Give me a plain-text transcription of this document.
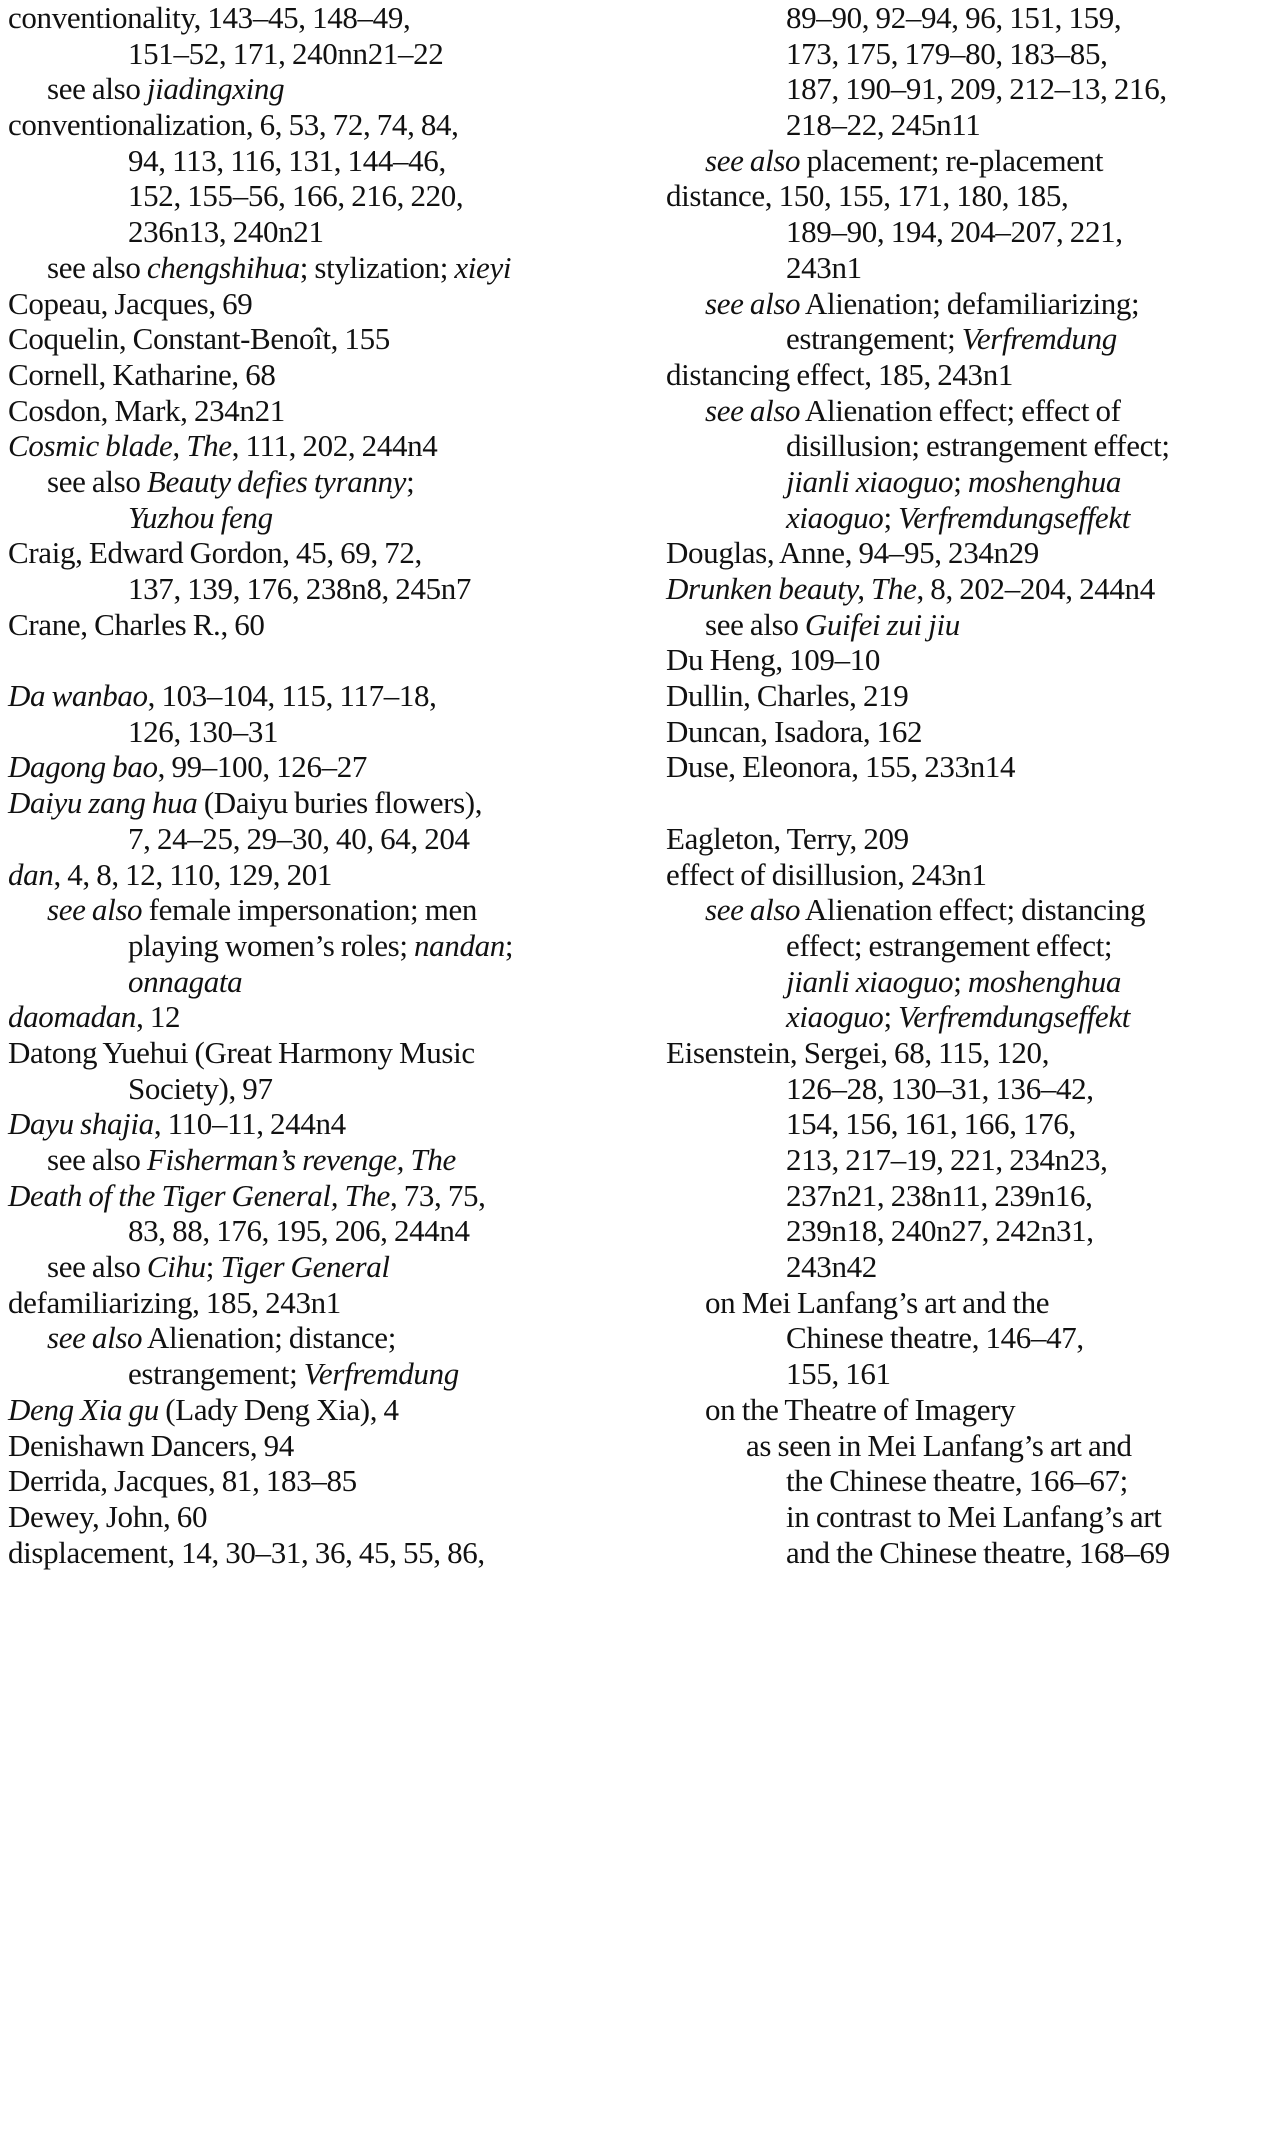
conventionality, 143–45, 148–49,
151–52, 171, 240nn21–22
see also jiadingxing
conventionalization, 6, 53, 72, 74, 84,
94, 113, 116, 131, 144–46,
152, 155–56, 166, 216, 220,
236n13, 240n21
see also chengshihua; stylization; xieyi
Copeau, Jacques, 69
Coquelin, Constant-Benoît, 155
Cornell, Katharine, 68
Cosdon, Mark, 234n21
Cosmic blade, The, 111, 202, 244n4
see also Beauty defies tyranny;
Yuzhou feng
Craig, Edward Gordon, 45, 69, 72,
137, 139, 176, 238n8, 245n7
Crane, Charles R., 60
Da wanbao, 103–104, 115, 117–18,
126, 130–31
Dagong bao, 99–100, 126–27
Daiyu zang hua (Daiyu buries flowers),
7, 24–25, 29–30, 40, 64, 204
dan, 4, 8, 12, 110, 129, 201
see also female impersonation; men
playing women’s roles; nandan;
onnagata
daomadan, 12
Datong Yuehui (Great Harmony Music
Society), 97
Dayu shajia, 110–11, 244n4
see also Fisherman’s revenge, The
Death of the Tiger General, The, 73, 75,
83, 88, 176, 195, 206, 244n4
see also Cihu; Tiger General
defamiliarizing, 185, 243n1
see also Alienation; distance;
estrangement; Verfremdung
Deng Xia gu (Lady Deng Xia), 4
Denishawn Dancers, 94
Derrida, Jacques, 81, 183–85
Dewey, John, 60
displacement, 14, 30–31, 36, 45, 55, 86,
89–90, 92–94, 96, 151, 159,
173, 175, 179–80, 183–85,
187, 190–91, 209, 212–13, 216,
218–22, 245n11
see also placement; re-placement
distance, 150, 155, 171, 180, 185,
189–90, 194, 204–207, 221,
243n1
see also Alienation; defamiliarizing;
estrangement; Verfremdung
distancing effect, 185, 243n1
see also Alienation effect; effect of
disillusion; estrangement effect;
jianli xiaoguo; moshenghua
xiaoguo; Verfremdungseffekt
Douglas, Anne, 94–95, 234n29
Drunken beauty, The, 8, 202–204, 244n4
see also Guifei zui jiu
Du Heng, 109–10
Dullin, Charles, 219
Duncan, Isadora, 162
Duse, Eleonora, 155, 233n14
Eagleton, Terry, 209
effect of disillusion, 243n1
see also Alienation effect; distancing
effect; estrangement effect;
jianli xiaoguo; moshenghua
xiaoguo; Verfremdungseffekt
Eisenstein, Sergei, 68, 115, 120,
126–28, 130–31, 136–42,
154, 156, 161, 166, 176,
213, 217–19, 221, 234n23,
237n21, 238n11, 239n16,
239n18, 240n27, 242n31,
243n42
on Mei Lanfang’s art and the
Chinese theatre, 146–47,
155, 161
on the Theatre of Imagery
as seen in Mei Lanfang’s art and
the Chinese theatre, 166–67;
in contrast to Mei Lanfang’s art
and the Chinese theatre, 168–69
